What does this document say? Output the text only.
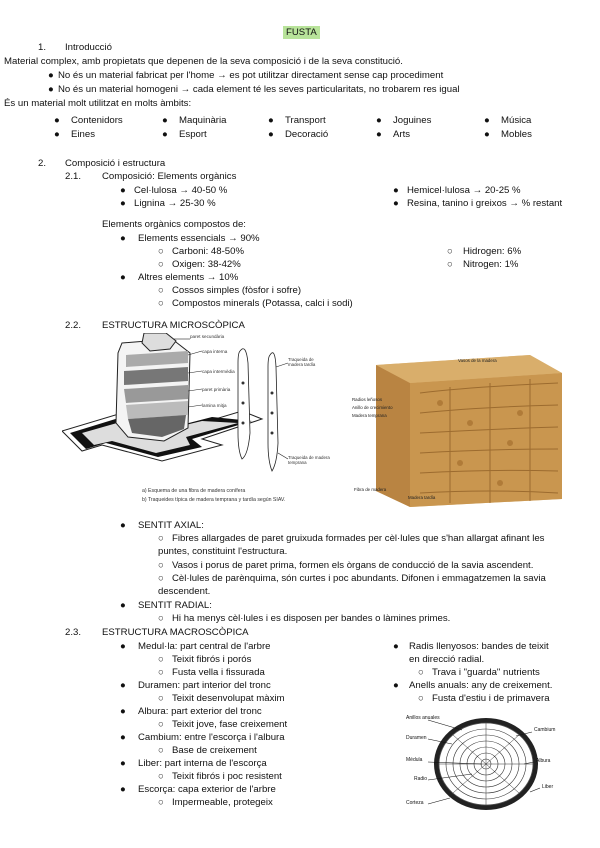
FUSTA
1. Introducció
Material complex, amb propietats que depenen de la seva composició i de la seva constitució.
● No és un material fabricat per l'home → es pot utilitzar directament sense cap procediment
● No és un material homogeni → cada element té les seves particularitats, no trobarem res igual
És un material molt utilitzat en molts àmbits:
● Contenidors	● Maquinària	● Transport	● Joguines	● Música
● Eines	● Esport	● Decoració	● Arts	● Mobles
2. Composició i estructura
2.1. Composició: Elements orgànics
● Cel·lulosa → 40-50 %
● Lignina → 25-30 %
● Hemicel·lulosa → 20-25 %
● Resina, tanino i greixos → % restant
Elements orgànics compostos de:
● Elements essencials → 90%
○ Carboni: 48-50%
○ Oxigen: 38-42%
○ Hidrogen: 6%
○ Nitrogen: 1%
● Altres elements → 10%
○ Cossos simples (fòsfor i sofre)
○ Compostos minerals (Potassa, calci i sodi)
2.2. ESTRUCTURA MICROSCÒPICA
paret secundària
capa interna
capa intermèdia
paret primària
lamina mitja
Traqueida de madera tardía
Traqueida de madera temprana
a) Esquema de una fibra de madera conífera
b) Traqueides típica de madera temprana y tardía según SIAV.
Vasos de la madera
Radios leñosos
Anillo de crecimiento
Madera temprana
Fibra de madera
Madera tardía
● SENTIT AXIAL:
○ Fibres allargades de paret gruixuda formades per cèl·lules que s'han allargat afinant les puntes, constituint l'estructura.
○ Vasos i porus de paret prima, formen els òrgans de conducció de la savia ascendent.
○ Cèl·lules de parènquima, són curtes i poc abundants. Difonen i emmagatzemen la savia descendent.
● SENTIT RADIAL:
○ Hi ha menys cèl·lules i es disposen per bandes o làmines primes.
2.3. ESTRUCTURA MACROSCÒPICA
● Medul·la: part central de l'arbre
○ Teixit fibrós i porós
○ Fusta vella i fissurada
● Duramen: part interior del tronc
○ Teixit desenvolupat màxim
● Albura: part exterior del tronc
○ Teixit jove, fase creixement
● Cambium: entre l'escorça i l'albura
○ Base de creixement
● Liber: part interna de l'escorça
○ Teixit fibrós i poc resistent
● Escorça: capa exterior de l'arbre
○ Impermeable, protegeix
● Radis llenyosos: bandes de teixit
en direcció radial.
○ Trava i "guarda" nutrients
● Anells anuals: any de creixement.
○ Fusta d'estiu i de primavera
Anillos anuales
Duramen
Médula
Radio
Corteza
Cambium
Albura
Liber
